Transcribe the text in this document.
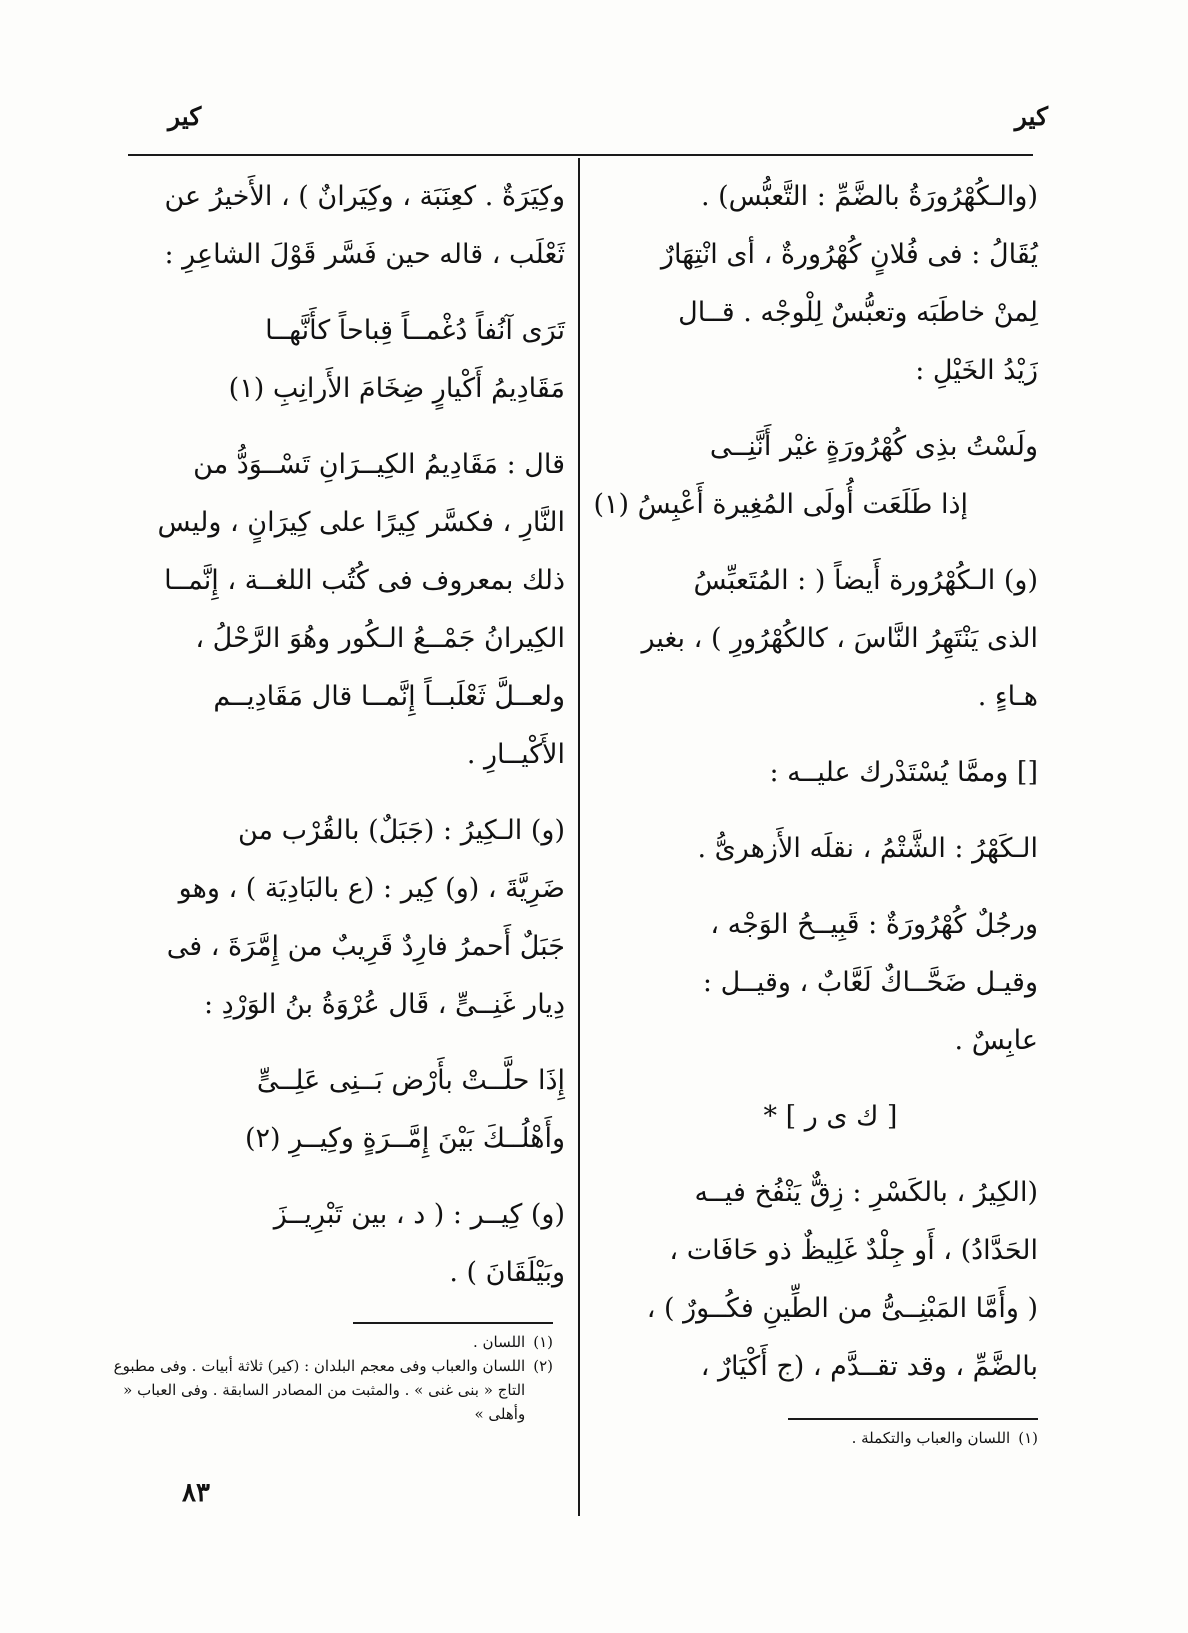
كير
كير
(والـكُهْرُورَةُ بالضَّمِّ : التَّعبُّس) .
يُقَالُ : فى فُلانٍ كُهْرُورةٌ ، أى انْتِهَارٌ
لِمنْ خاطَبَه وتعبُّسٌ لِلْوجْه . قــال
زَيْدُ الخَيْلِ :
ولَسْتُ بذِى كُهْرُورَةٍ غيْر أَنَّنِــى
إذا طَلَعَت أُولَى المُغِيرة أَعْبِسُ (١)
(و) الـكُهْرُورة أَيضاً ( : المُتَعبِّسُ
الذى يَنْتَهِرُ النَّاسَ ، كالكُهْرُورِ ) ، بغير
هـاءٍ .
[] وممَّا يُسْتَدْرك عليــه :
الـكَهْرُ : الشَّتْمُ ، نقلَه الأَزهرىُّ .
ورجُلٌ كُهْرُورَةٌ : قَبِيــحُ الوَجْه ،
وقيـل ضَحَّــاكٌ لَعَّابٌ ، وقيــل :
عابِسٌ .
[ ك ى ر ] *
(الكِيرُ ، بالكَسْرِ : زِقٌّ يَنْفُخ فيــه
الحَدَّادُ) ، أَو جِلْدٌ غَلِيظٌ ذو حَافَات ،
( وأَمَّا المَبْنِــىُّ من الطِّينِ فكُــورٌ ) ،
بالضَّمِّ ، وقد تقــدَّم ، (ج أَكْيَارٌ ،
وكِيَرَةٌ . كعِنَبَة ، وكِيَرانٌ ) ، الأَخيرُ عن
ثَعْلَب ، قاله حين فَسَّر قَوْلَ الشاعِرِ :
تَرَى آنُفاً دُغْمــاً قِباحاً كأَنَّهــا
مَقَادِيمُ أَكْيارٍ ضِخَامَ الأَرانِبِ (١)
قال : مَقَادِيمُ الكِيــرَانِ تَسْــوَدُّ من
النَّارِ ، فكسَّر كِيرًا على كِيرَانٍ ، وليس
ذلك بمعروف فى كُتُب اللغــة ، إِنَّمــا
الكِيرانُ جَمْــعُ الـكُور وهُوَ الرَّحْلُ ،
ولعــلَّ ثَعْلَبــاً إِنَّمــا قال مَقَادِيــم
الأَكْيــارِ .
(و) الـكِيرُ : (جَبَلٌ) بالقُرْب من
ضَرِيَّةَ ، (و) كِير : (ع بالبَادِيَة ) ، وهو
جَبَلٌ أَحمرُ فارِدٌ قَرِيبٌ من إِمَّرَةَ ، فى
دِيار غَنِــىٍّ ، قَال عُرْوَةُ بنُ الوَرْدِ :
إِذَا حلَّــتْ بأَرْض بَــنِى عَلِــىٍّ
وأَهْلُــكَ بَيْنَ إِمَّــرَةٍ وكِيــرِ (٢)
(و) كِيــر : ( د ، بين تَبْرِيــزَ
وبَيْلَقَانَ ) .
(١)
اللسان والعباب والتكملة .
(١)
اللسان .
(٢)
اللسان والعباب وفى معجم البلدان : (كير) ثلاثة أبيات . وفى مطبوع التاج « بنى غنى » . والمثبت من المصادر السابقة . وفى العباب « وأهلى »
٨٣
